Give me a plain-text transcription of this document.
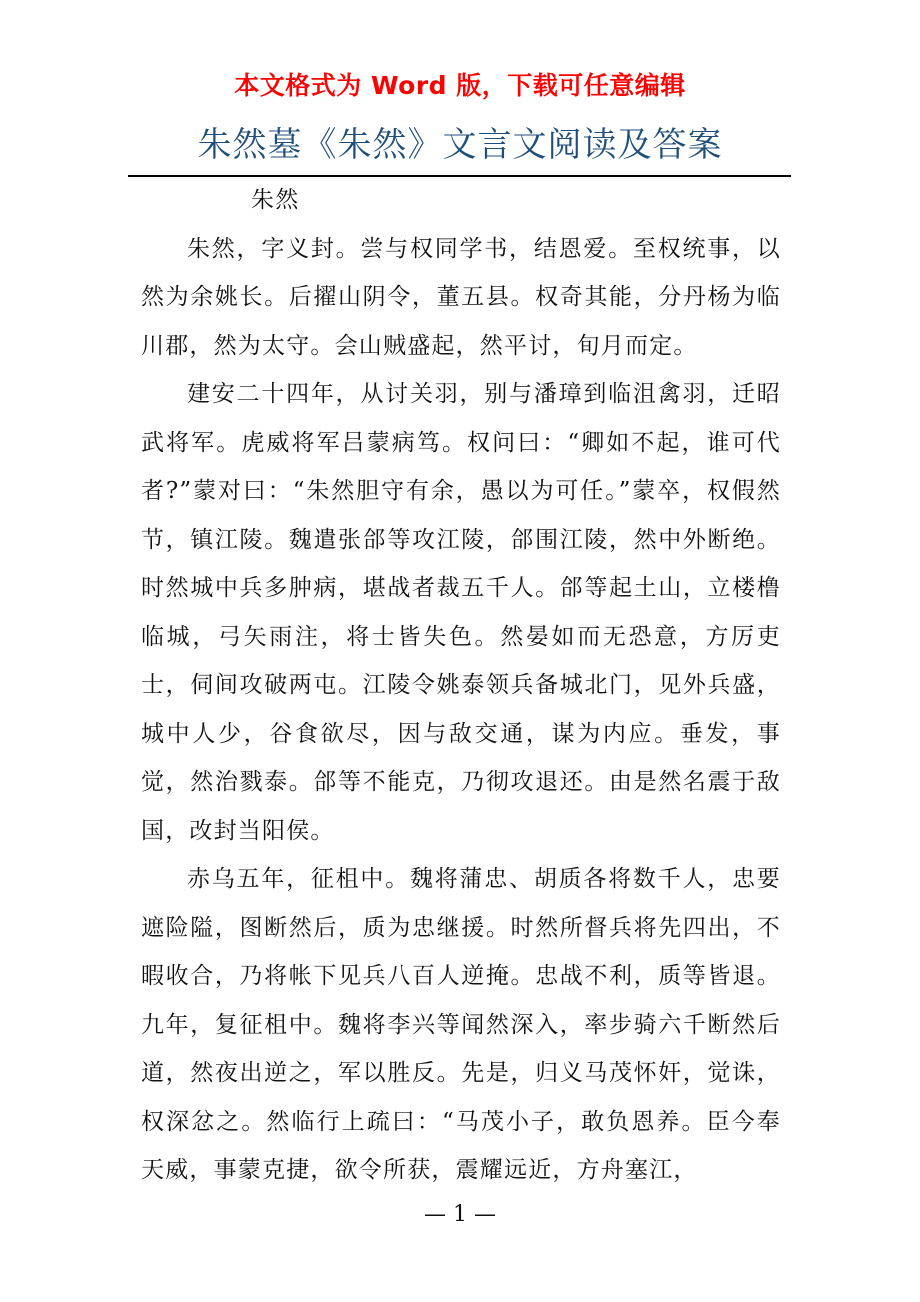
本文格式为 Word 版，下载可任意编辑
朱然墓《朱然》文言文阅读及答案

朱然

朱然，字义封。尝与权同学书，结恩爱。至权统事，以然为余姚长。后擢山阴令，董五县。权奇其能，分丹杨为临川郡，然为太守。会山贼盛起，然平讨，旬月而定。

建安二十四年，从讨关羽，别与潘璋到临沮禽羽，迁昭武将军。虎威将军吕蒙病笃。权问曰：“卿如不起，谁可代者?”蒙对曰：“朱然胆守有余，愚以为可任。”蒙卒，权假然节，镇江陵。魏遣张郃等攻江陵，郃围江陵，然中外断绝。时然城中兵多肿病，堪战者裁五千人。郃等起土山，立楼橹临城，弓矢雨注，将士皆失色。然晏如而无恐意，方厉吏士，伺间攻破两屯。江陵令姚泰领兵备城北门，见外兵盛，城中人少，谷食欲尽，因与敌交通，谋为内应。垂发，事觉，然治戮泰。郃等不能克，乃彻攻退还。由是然名震于敌国，改封当阳侯。

赤乌五年，征柤中。魏将蒲忠、胡质各将数千人，忠要遮险隘，图断然后，质为忠继援。时然所督兵将先四出，不暇收合，乃将帐下见兵八百人逆掩。忠战不利，质等皆退。九年，复征柤中。魏将李兴等闻然深入，率步骑六千断然后道，然夜出逆之，军以胜反。先是，归义马茂怀奸，觉诛，权深忿之。然临行上疏曰：“马茂小子，敢负恩养。臣今奉天威，事蒙克捷，欲令所获，震耀远近，方舟塞江，

— 1 —
